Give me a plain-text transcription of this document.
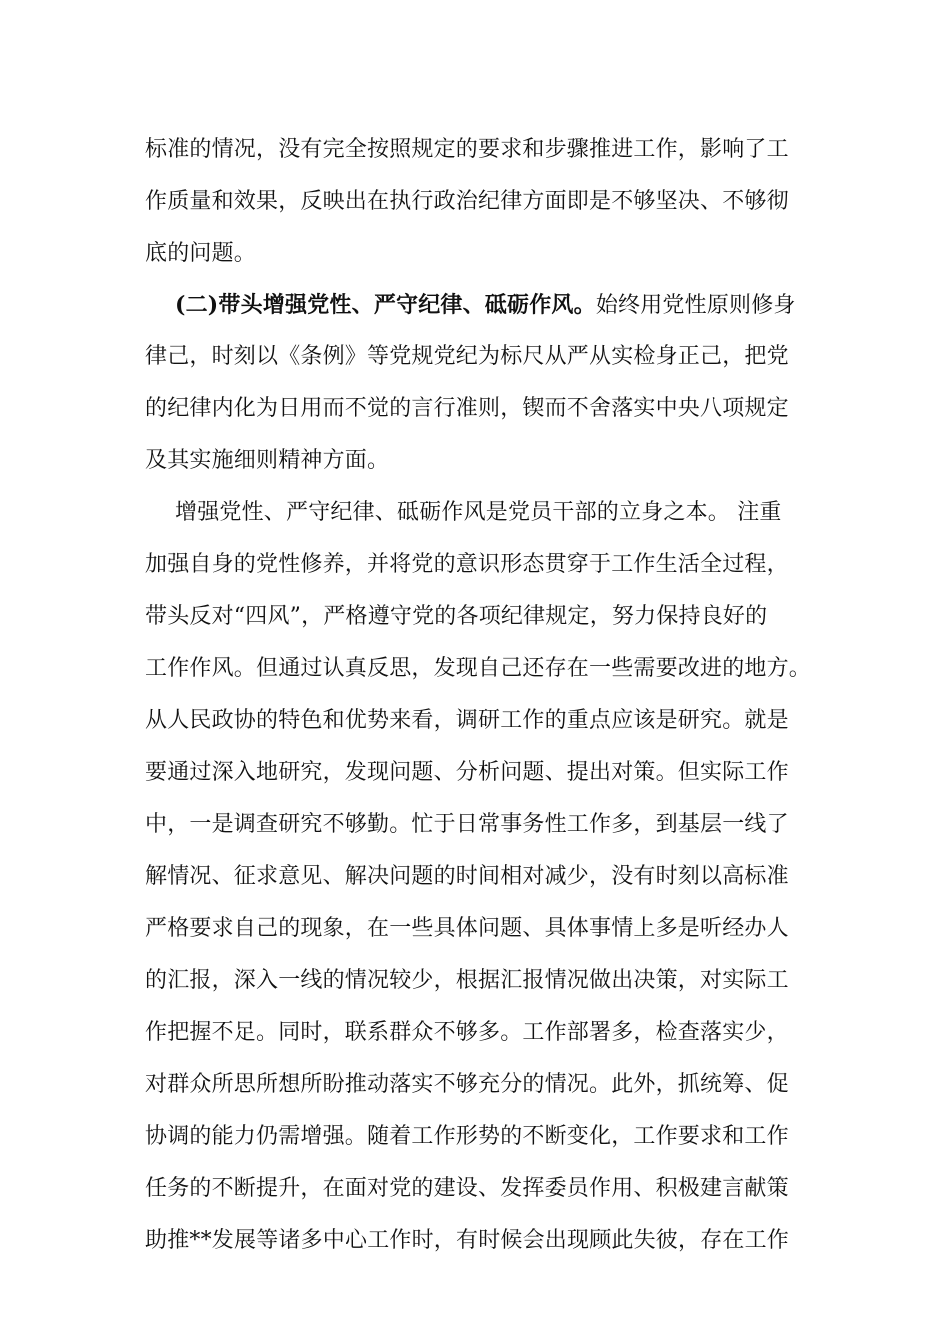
标准的情况，没有完全按照规定的要求和步骤推进工作，影响了工
作质量和效果，反映出在执行政治纪律方面即是不够坚决、不够彻
底的问题。
(二)带头增强党性、严守纪律、砥砺作风。始终用党性原则修身
律己，时刻以《条例》等党规党纪为标尺从严从实检身正己，把党
的纪律内化为日用而不觉的言行准则，锲而不舍落实中央八项规定
及其实施细则精神方面。
增强党性、严守纪律、砥砺作风是党员干部的立身之本。 注重
加强自身的党性修养，并将党的意识形态贯穿于工作生活全过程，
带头反对“四风”，严格遵守党的各项纪律规定，努力保持良好的
工作作风。但通过认真反思，发现自己还存在一些需要改进的地方。
从人民政协的特色和优势来看，调研工作的重点应该是研究。就是
要通过深入地研究，发现问题、分析问题、提出对策。但实际工作
中，一是调查研究不够勤。忙于日常事务性工作多，到基层一线了
解情况、征求意见、解决问题的时间相对减少，没有时刻以高标准
严格要求自己的现象，在一些具体问题、具体事情上多是听经办人
的汇报，深入一线的情况较少，根据汇报情况做出决策，对实际工
作把握不足。同时，联系群众不够多。工作部署多，检查落实少，
对群众所思所想所盼推动落实不够充分的情况。此外，抓统筹、促
协调的能力仍需增强。随着工作形势的不断变化，工作要求和工作
任务的不断提升，在面对党的建设、发挥委员作用、积极建言献策
助推**发展等诸多中心工作时，有时候会出现顾此失彼，存在工作
